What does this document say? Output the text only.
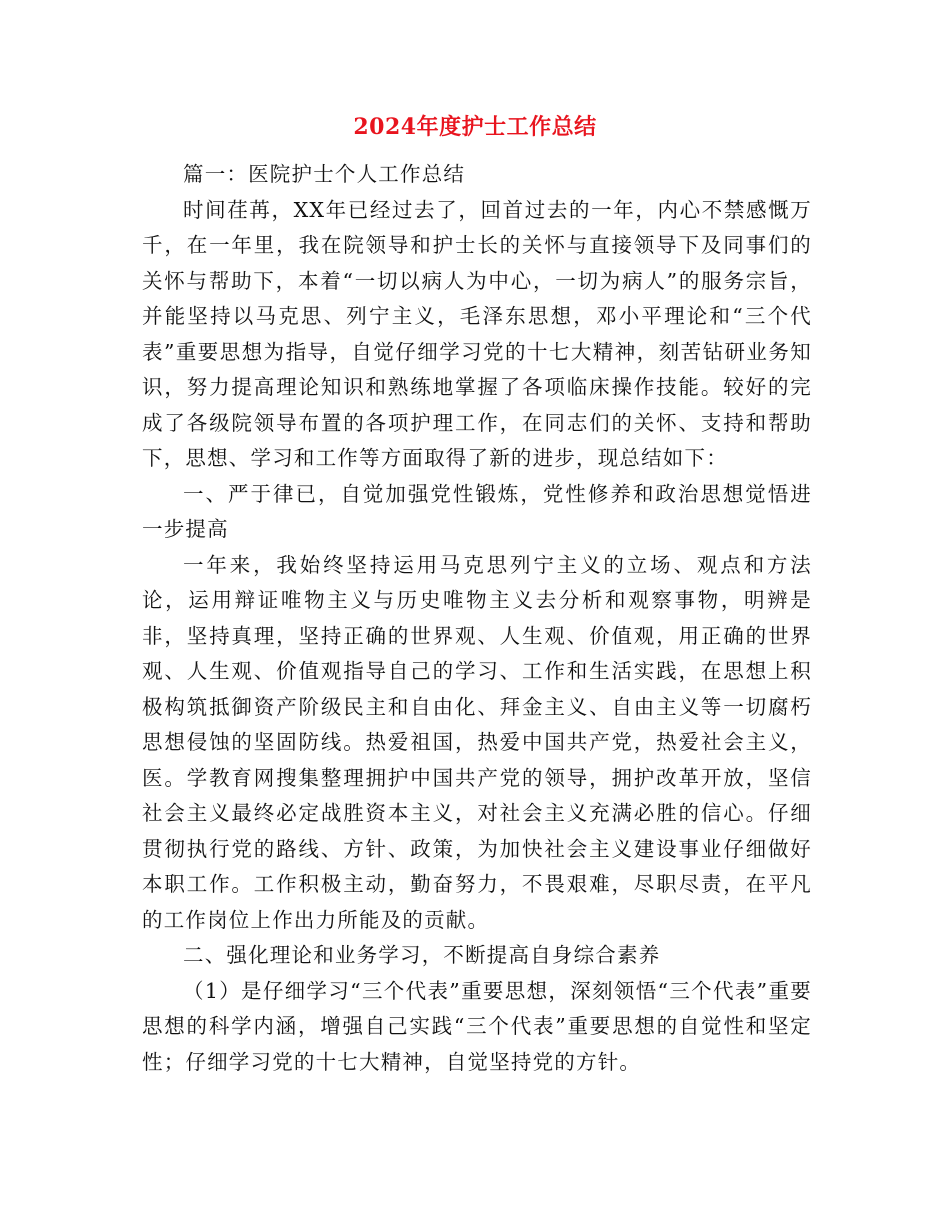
2024年度护士工作总结

篇一：医院护士个人工作总结

时间荏苒，XX年已经过去了，回首过去的一年，内心不禁感慨万千，在一年里，我在院领导和护士长的关怀与直接领导下及同事们的关怀与帮助下，本着“一切以病人为中心，一切为病人”的服务宗旨，并能坚持以马克思、列宁主义，毛泽东思想，邓小平理论和“三个代表”重要思想为指导，自觉仔细学习党的十七大精神，刻苦钻研业务知识，努力提高理论知识和熟练地掌握了各项临床操作技能。较好的完成了各级院领导布置的各项护理工作，在同志们的关怀、支持和帮助下，思想、学习和工作等方面取得了新的进步，现总结如下：

一、严于律已，自觉加强党性锻炼，党性修养和政治思想觉悟进一步提高

一年来，我始终坚持运用马克思列宁主义的立场、观点和方法论，运用辩证唯物主义与历史唯物主义去分析和观察事物，明辨是非，坚持真理，坚持正确的世界观、人生观、价值观，用正确的世界观、人生观、价值观指导自己的学习、工作和生活实践，在思想上积极构筑抵御资产阶级民主和自由化、拜金主义、自由主义等一切腐朽思想侵蚀的坚固防线。热爱祖国，热爱中国共产党，热爱社会主义，医。学教育网搜集整理拥护中国共产党的领导，拥护改革开放，坚信社会主义最终必定战胜资本主义，对社会主义充满必胜的信心。仔细贯彻执行党的路线、方针、政策，为加快社会主义建设事业仔细做好本职工作。工作积极主动，勤奋努力，不畏艰难，尽职尽责，在平凡的工作岗位上作出力所能及的贡献。

二、强化理论和业务学习，不断提高自身综合素养

（1）是仔细学习“三个代表”重要思想，深刻领悟“三个代表”重要思想的科学内涵，增强自己实践“三个代表”重要思想的自觉性和坚定性；仔细学习党的十七大精神，自觉坚持党的方针。
